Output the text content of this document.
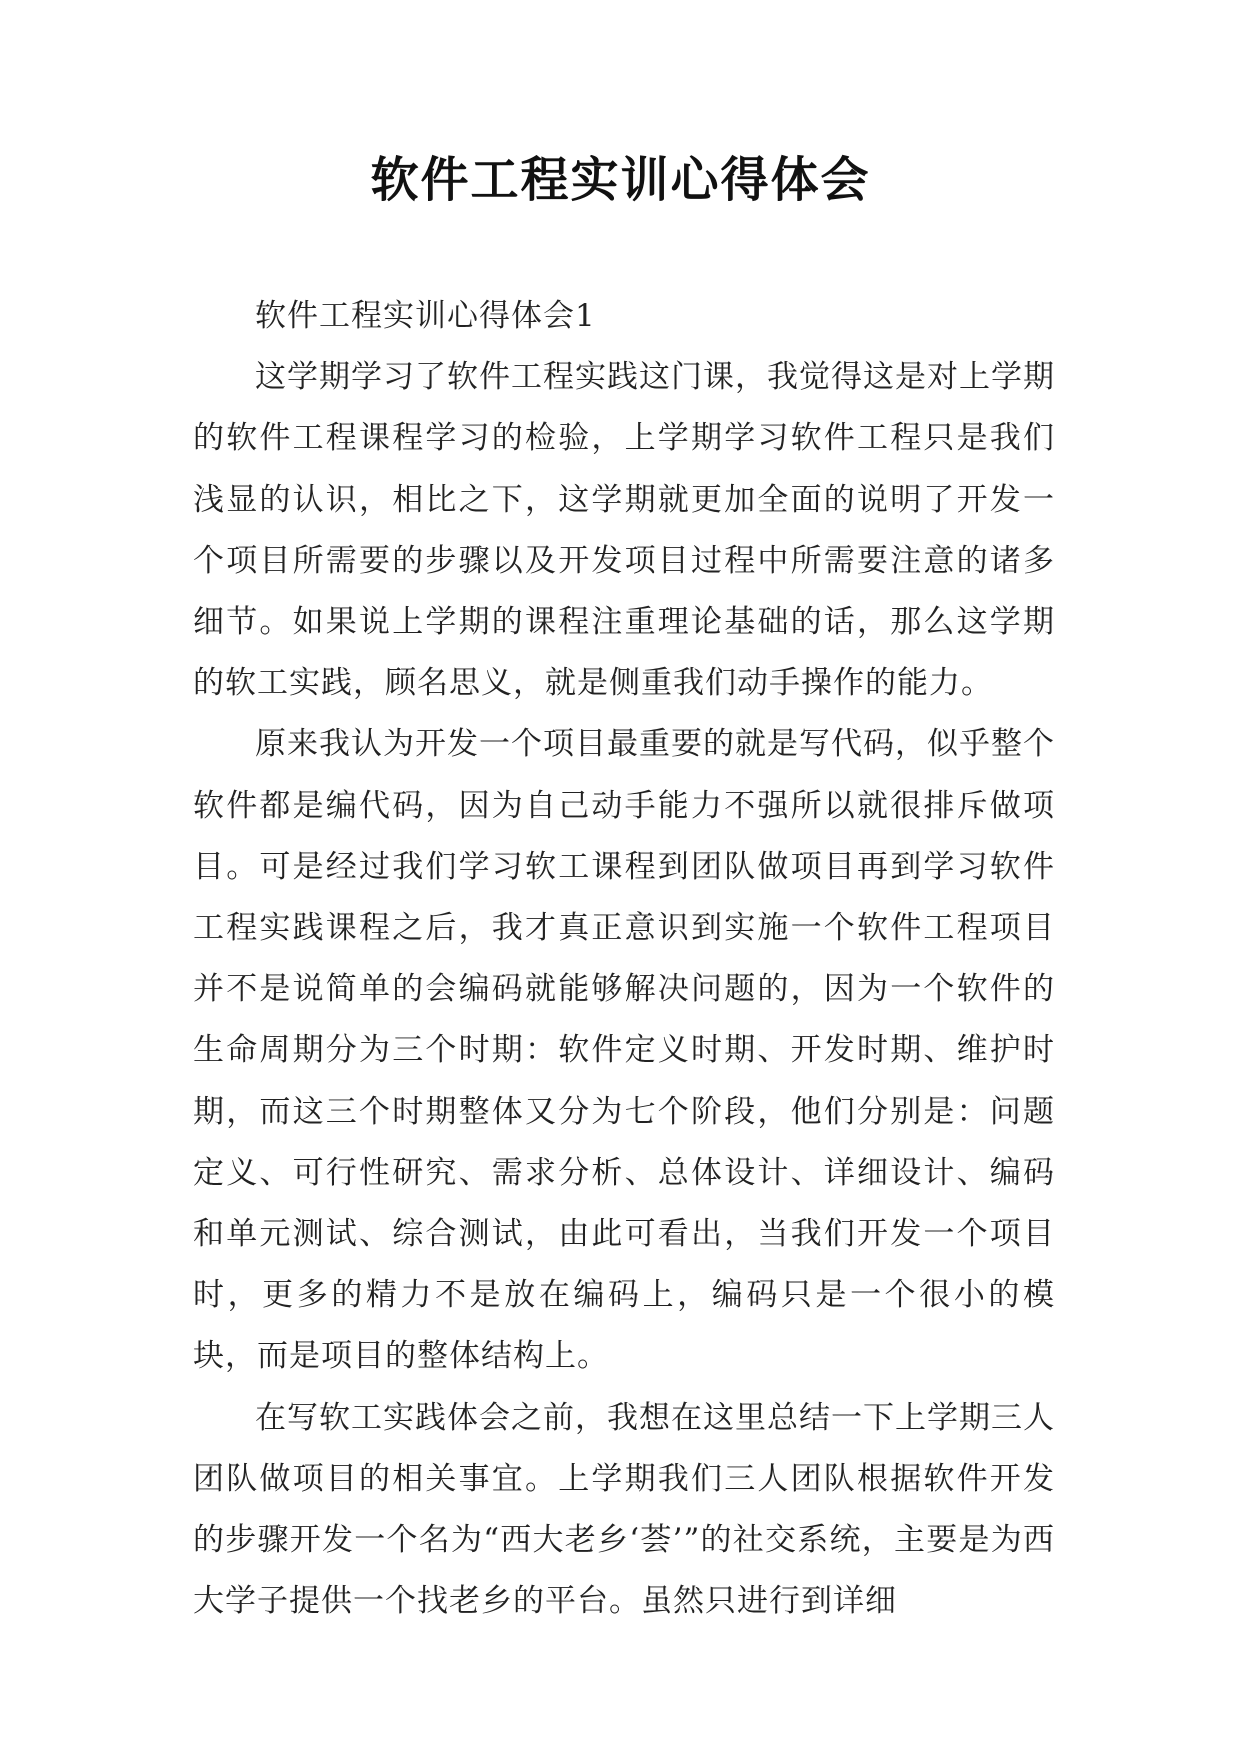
软件工程实训心得体会

软件工程实训心得体会1

这学期学习了软件工程实践这门课，我觉得这是对上学期的软件工程课程学习的检验，上学期学习软件工程只是我们浅显的认识，相比之下，这学期就更加全面的说明了开发一个项目所需要的步骤以及开发项目过程中所需要注意的诸多细节。如果说上学期的课程注重理论基础的话，那么这学期的软工实践，顾名思义，就是侧重我们动手操作的能力。

原来我认为开发一个项目最重要的就是写代码，似乎整个软件都是编代码，因为自己动手能力不强所以就很排斥做项目。可是经过我们学习软工课程到团队做项目再到学习软件工程实践课程之后，我才真正意识到实施一个软件工程项目并不是说简单的会编码就能够解决问题的，因为一个软件的生命周期分为三个时期：软件定义时期、开发时期、维护时期，而这三个时期整体又分为七个阶段，他们分别是：问题定义、可行性研究、需求分析、总体设计、详细设计、编码和单元测试、综合测试，由此可看出，当我们开发一个项目时，更多的精力不是放在编码上，编码只是一个很小的模块，而是项目的整体结构上。

在写软工实践体会之前，我想在这里总结一下上学期三人团队做项目的相关事宜。上学期我们三人团队根据软件开发的步骤开发一个名为“西大老乡‘荟’”的社交系统，主要是为西大学子提供一个找老乡的平台。虽然只进行到详细
